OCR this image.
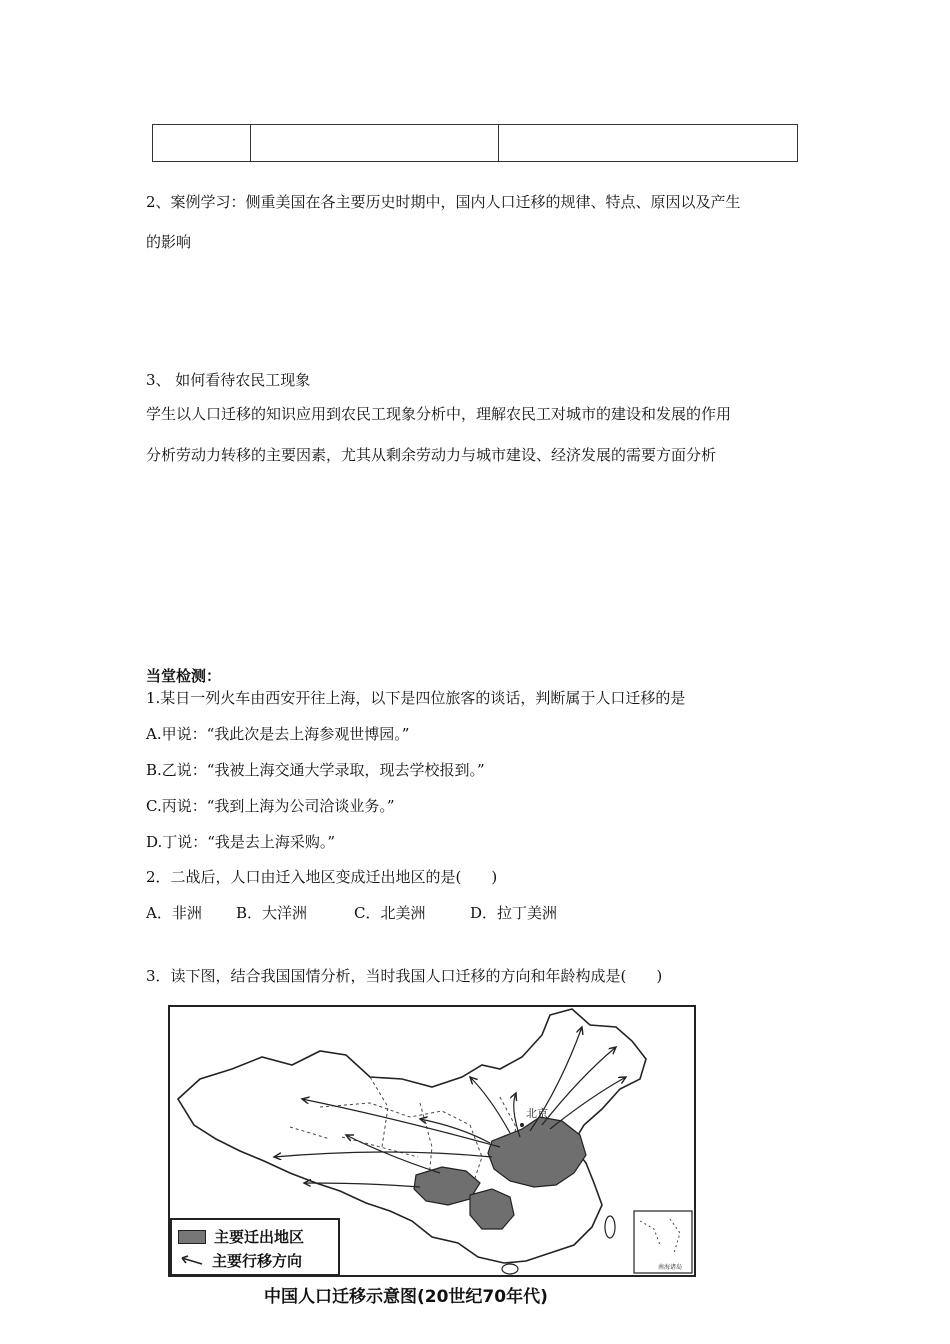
2、案例学习：侧重美国在各主要历史时期中，国内人口迁移的规律、特点、原因以及产生
的影响
3、 如何看待农民工现象
学生以人口迁移的知识应用到农民工现象分析中，理解农民工对城市的建设和发展的作用
分析劳动力转移的主要因素，尤其从剩余劳动力与城市建设、经济发展的需要方面分析
当堂检测：
1.某日一列火车由西安开往上海，以下是四位旅客的谈话，判断属于人口迁移的是
A.甲说：“我此次是去上海参观世博园。”
B.乙说：“我被上海交通大学录取，现去学校报到。”
C.丙说：“我到上海为公司洽谈业务。”
D.丁说：“我是去上海采购。”
2．二战后，人口由迁入地区变成迁出地区的是(　　)
A．非洲 B．大洋洲	C．北美洲	D．拉丁美洲
3．读下图，结合我国国情分析，当时我国人口迁移的方向和年龄构成是(　　)
北京
南海诸岛
主要迁出地区
主要行移方向
中国人口迁移示意图(20世纪70年代)
